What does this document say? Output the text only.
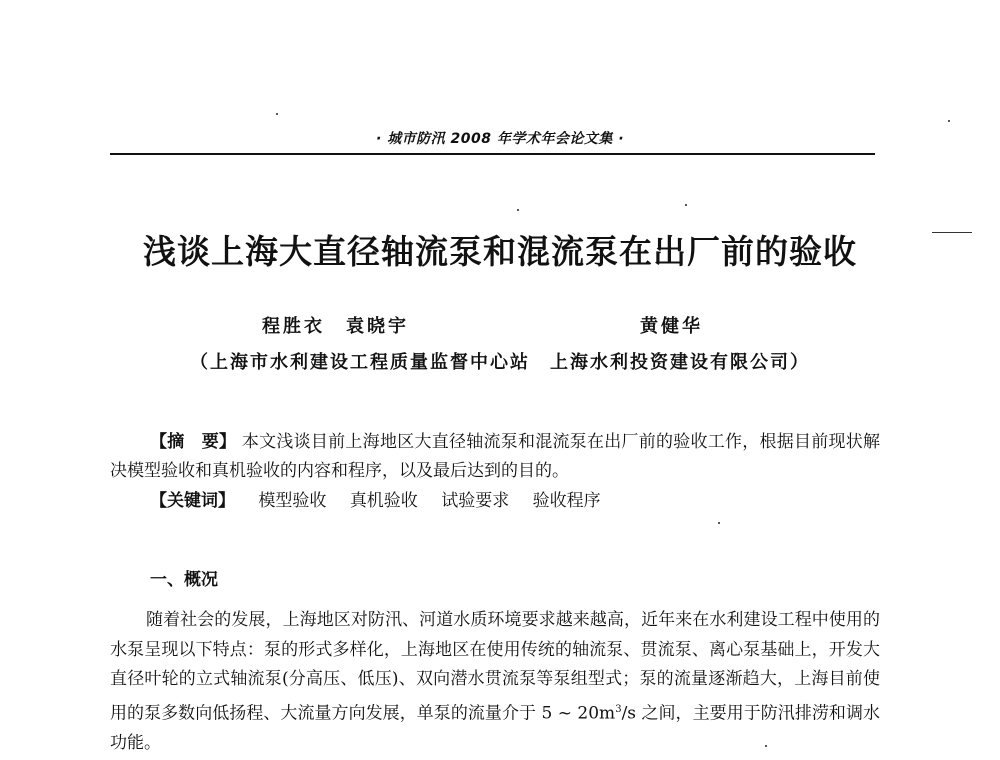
· 城市防汛 2008 年学术年会论文集 ·
浅谈上海大直径轴流泵和混流泵在出厂前的验收
程胜衣　袁晓宇	黄健华
（上海市水利建设工程质量监督中心站　上海水利投资建设有限公司）
【摘　要】 本文浅谈目前上海地区大直径轴流泵和混流泵在出厂前的验收工作，根据目前现状解决模型验收和真机验收的内容和程序，以及最后达到的目的。
【关键词】 模型验收 真机验收 试验要求 验收程序
一、概况

随着社会的发展，上海地区对防汛、河道水质环境要求越来越高，近年来在水利建设工程中使用的水泵呈现以下特点：泵的形式多样化，上海地区在使用传统的轴流泵、贯流泵、离心泵基础上，开发大直径叶轮的立式轴流泵(分高压、低压)、双向潜水贯流泵等泵组型式；泵的流量逐渐趋大，上海目前使用的泵多数向低扬程、大流量方向发展，单泵的流量介于 5 ~ $20m^3/s$ 之间，主要用于防汛排涝和调水功能。
